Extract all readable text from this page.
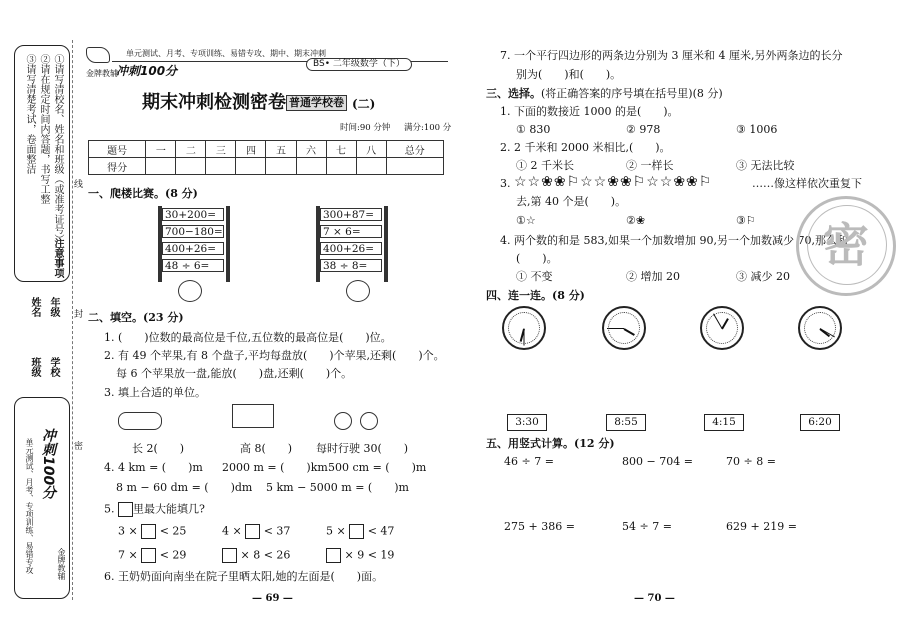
注意事项
①请写清校名、姓名和班级（或准考证号）
②请在规定时间内答题，书写工整
③请写清楚考试，卷面整洁
学校
年级
班级
姓名
冲刺100分
单元测试、月考、专项训练、易错专攻	金牌教辅
线
封
密
金牌教辅
冲刺100分
单元测试、月考、专项训练、易错专攻、期中、期末冲刺
BS• 二年级数学（下）
期末冲刺检测密卷 普通学校卷 (二)
时间:90 分钟 满分:100 分
题号	一	二	三	四	五	六	七	八	总分
得分									
一、爬楼比赛。(8 分)
30+200=
700−180=
400+26=
48 ÷ 6=
300+87=
7 × 6=
400+26=
38 ÷ 8=
二、填空。(23 分)
1. (　　)位数的最高位是千位,五位数的最高位是(　　)位。
2. 有 49 个苹果,有 8 个盘子,平均每盘放(　　)个苹果,还剩(　　)个。
每 6 个苹果放一盘,能放(　　)盘,还剩(　　)个。
3. 填上合适的单位。
长 2(　　)	高 8(　　) 每时行驶 30(　　)
4. 4 km = (　　)m 2000 m = (　　)km 500 cm = (　　)m
8 m − 60 dm = (　　)dm 5 km − 5000 m = (　　)m
5. 里最大能填几?
3 × < 25	4 × < 37	5 × < 47
7 × < 29	× 8 < 26	× 9 < 19
6. 王奶奶面向南坐在院子里晒太阳,她的左面是(　　)面。
— 69 —
7. 一个平行四边形的两条边分别为 3 厘米和 4 厘米,另外两条边的长分
别为(　　)和(　　)。
三、选择。(将正确答案的序号填在括号里)(8 分)
1. 下面的数接近 1000 的是(　　)。
① 830	② 978	③ 1006
2. 2 千米和 2000 米相比,(　　)。
① 2 千米长	② 一样长	③ 无法比较
3. ☆☆❀❀⚐☆☆❀❀⚐☆☆❀❀⚐	……像这样依次重复下
去,第 40 个是(　　)。
①☆	②❀	③⚐
4. 两个数的和是 583,如果一个加数增加 90,另一个加数减少 70,那么和
(　　)。
① 不变	② 增加 20	③ 减少 20
密
四、连一连。(8 分)
3:30	8:55	4:15	6:20
五、用竖式计算。(12 分)
46 ÷ 7 =	800 − 704 =	70 ÷ 8 =
275 + 386 =	54 ÷ 7 =	629 + 219 =
— 70 —
